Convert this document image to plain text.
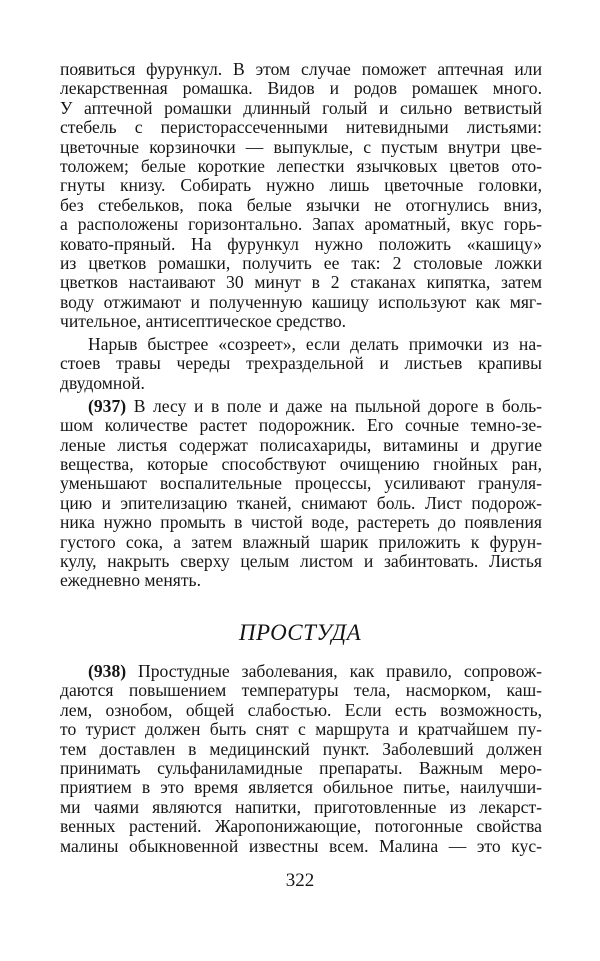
появиться фурункул. В этом случае поможет аптечная или
лекарственная ромашка. Видов и родов ромашек много.
У аптечной ромашки длинный голый и сильно ветвистый
стебель с перисторассеченными нитевидными листьями:
цветочные корзиночки — выпуклые, с пустым внутри цве-
толожем; белые короткие лепестки язычковых цветов ото-
гнуты книзу. Собирать нужно лишь цветочные головки,
без стебельков, пока белые язычки не отогнулись вниз,
а расположены горизонтально. Запах ароматный, вкус горь-
ковато-пряный. На фурункул нужно положить «кашицу»
из цветков ромашки, получить ее так: 2 столовые ложки
цветков настаивают 30 минут в 2 стаканах кипятка, затем
воду отжимают и полученную кашицу используют как мяг-
чительное, антисептическое средство.
Нарыв быстрее «созреет», если делать примочки из на-
стоев травы череды трехраздельной и листьев крапивы
двудомной.
(937) В лесу и в поле и даже на пыльной дороге в боль-
шом количестве растет подорожник. Его сочные темно-зе-
леные листья содержат полисахариды, витамины и другие
вещества, которые способствуют очищению гнойных ран,
уменьшают воспалительные процессы, усиливают грануля-
цию и эпителизацию тканей, снимают боль. Лист подорож-
ника нужно промыть в чистой воде, растереть до появления
густого сока, а затем влажный шарик приложить к фурун-
кулу, накрыть сверху целым листом и забинтовать. Листья
ежедневно менять.
ПРОСТУДА
(938) Простудные заболевания, как правило, сопровож-
даются повышением температуры тела, насморком, каш-
лем, ознобом, общей слабостью. Если есть возможность,
то турист должен быть снят с маршрута и кратчайшем пу-
тем доставлен в медицинский пункт. Заболевший должен
принимать сульфаниламидные препараты. Важным меро-
приятием в это время является обильное питье, наилучши-
ми чаями являются напитки, приготовленные из лекарст-
венных растений. Жаропонижающие, потогонные свойства
малины обыкновенной известны всем. Малина — это кус-
322
